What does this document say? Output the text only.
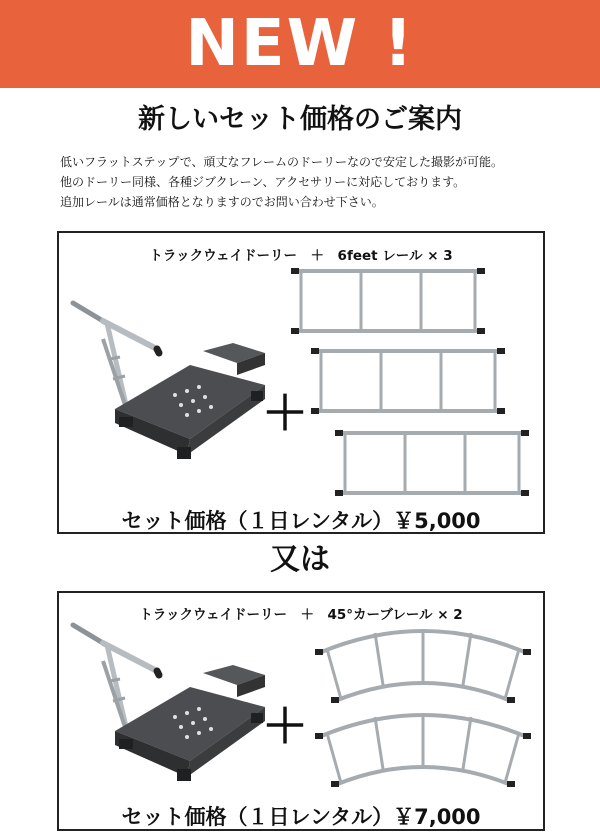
NEW !
新しいセット価格のご案内
低いフラットステップで、頑丈なフレームのドーリーなので安定した撮影が可能。
他のドーリー同様、各種ジブクレーン、アクセサリーに対応しております。
追加レールは通常価格となりますのでお問い合わせ下さい。
トラックウェイドーリー　＋　6feet レール × 3
＋
セット価格（１日レンタル）￥5,000
又は
トラックウェイドーリー　＋　45°カーブレール × 2
＋
セット価格（１日レンタル）￥7,000
